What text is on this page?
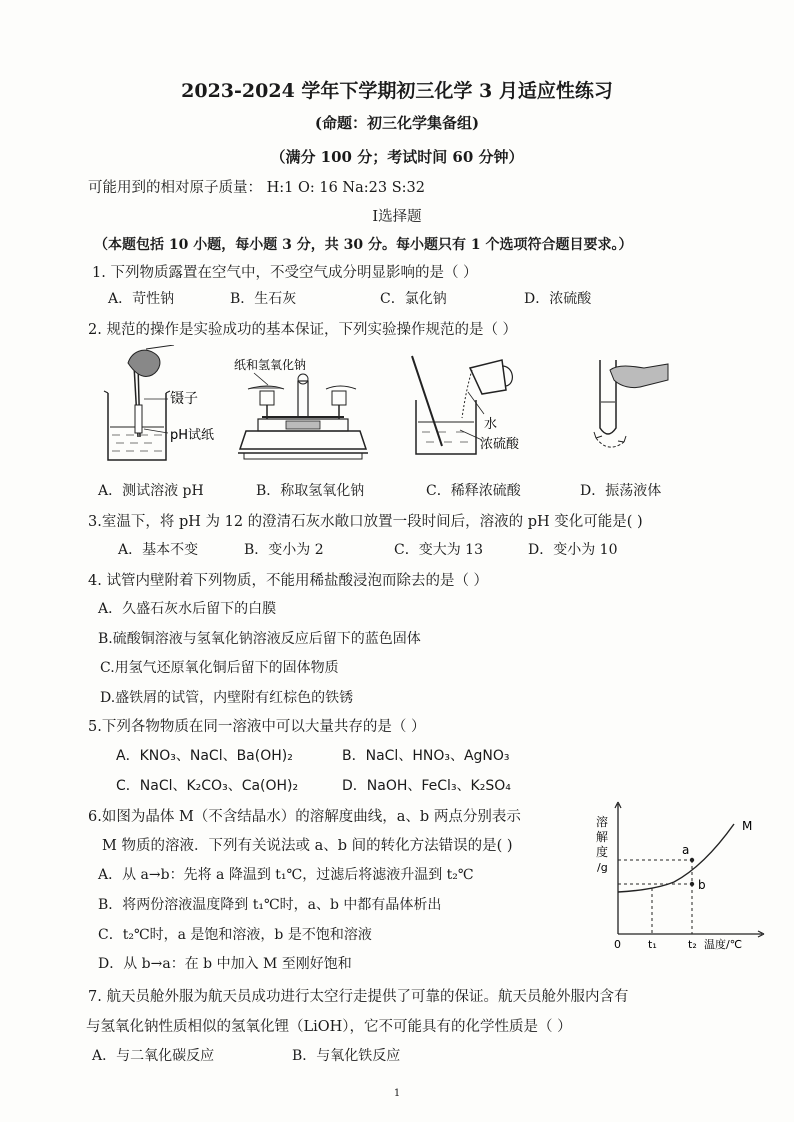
2023-2024 学年下学期初三化学 3 月适应性练习
(命题：初三化学集备组)
（满分 100 分；考试时间 60 分钟）
可能用到的相对原子质量： H:1 O: 16 Na:23 S:32
Ⅰ选择题
（本题包括 10 小题，每小题 3 分，共 30 分。每小题只有 1 个选项符合题目要求。）
1. 下列物质露置在空气中，不受空气成分明显影响的是（ ）
A．苛性钠	B．生石灰	C．氯化钠	D．浓硫酸
2. 规范的操作是实验成功的基本保证，下列实验操作规范的是（ ）
镊子
pH试纸
纸和氢氧化钠
水
浓硫酸
A．测试溶液 pH	B．称取氢氧化钠	C．稀释浓硫酸	D．振荡液体
3.室温下，将 pH 为 12 的澄清石灰水敞口放置一段时间后，溶液的 pH 变化可能是( )
A．基本不变	B．变小为 2	C．变大为 13	D．变小为 10
4. 试管内壁附着下列物质，不能用稀盐酸浸泡而除去的是（ ）
A．久盛石灰水后留下的白膜
B.硫酸铜溶液与氢氧化钠溶液反应后留下的蓝色固体
C.用氢气还原氧化铜后留下的固体物质
D.盛铁屑的试管，内壁附有红棕色的铁锈
5.下列各物物质在同一溶液中可以大量共存的是（ ）
A．KNO₃、NaCl、Ba(OH)₂	B．NaCl、HNO₃、AgNO₃
C．NaCl、K₂CO₃、Ca(OH)₂	D．NaOH、FeCl₃、K₂SO₄
6.如图为晶体 M（不含结晶水）的溶解度曲线，a、b 两点分别表示
M 物质的溶液．下列有关说法或 a、b 间的转化方法错误的是( )
A．从 a→b：先将 a 降温到 t₁℃，过滤后将滤液升温到 t₂℃
B．将两份溶液温度降到 t₁℃时，a、b 中都有晶体析出
C．t₂℃时，a 是饱和溶液，b 是不饱和溶液
D．从 b→a：在 b 中加入 M 至刚好饱和
溶
解
度
/g
M
a
b
0 t₁	t₂ 温度/℃
7. 航天员舱外服为航天员成功进行太空行走提供了可靠的保证。航天员舱外服内含有
与氢氧化钠性质相似的氢氧化锂（LiOH），它不可能具有的化学性质是（ ）
A．与二氧化碳反应	B．与氧化铁反应
1
